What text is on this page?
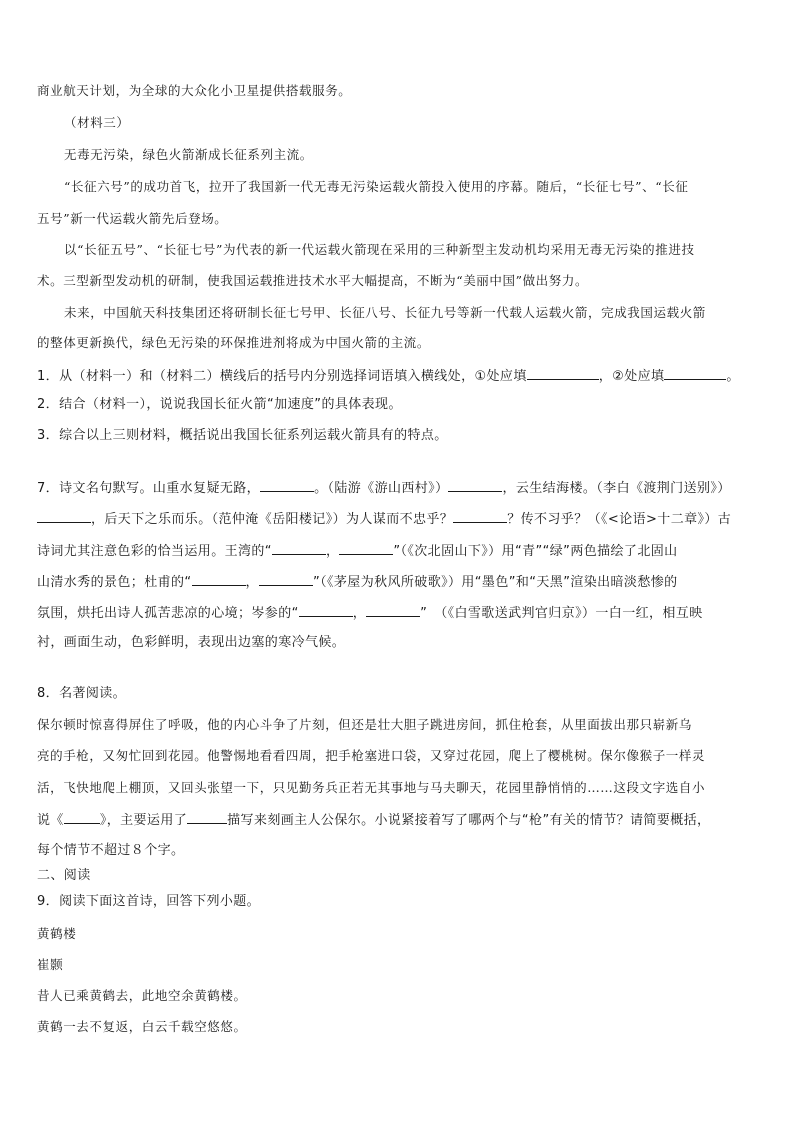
商业航天计划，为全球的大众化小卫星提供搭载服务。
（材料三）
无毒无污染，绿色火箭渐成长征系列主流。
“长征六号”的成功首飞，拉开了我国新一代无毒无污染运载火箭投入使用的序幕。随后，“长征七号”、“长征
五号”新一代运载火箭先后登场。
以“长征五号”、“长征七号”为代表的新一代运载火箭现在采用的三种新型主发动机均采用无毒无污染的推进技
术。三型新型发动机的研制，使我国运载推进技术水平大幅提高，不断为“美丽中国”做出努力。
未来，中国航天科技集团还将研制长征七号甲、长征八号、长征九号等新一代载人运载火箭，完成我国运载火箭
的整体更新换代，绿色无污染的环保推进剂将成为中国火箭的主流。
1．从（材料一）和（材料二）横线后的括号内分别选择词语填入横线处，①处应填	，②处应填	。
2．结合（材料一），说说我国长征火箭“加速度”的具体表现。
3．综合以上三则材料，概括说出我国长征系列运载火箭具有的特点。
7．诗文名句默写。山重水复疑无路，	。（陆游《游山西村》）	，云生结海楼。（李白《渡荆门送别》）
，后天下之乐而乐。（范仲淹《岳阳楼记》）为人谋而不忠乎？	？传不习乎？（《<论语>十二章》）古
诗词尤其注意色彩的恰当运用。王湾的“	，	”（《次北固山下》）用“青”“绿”两色描绘了北固山
山清水秀的景色；杜甫的“	，	”（《茅屋为秋风所破歌》）用“墨色”和“天黑”渲染出暗淡愁惨的
氛围，烘托出诗人孤苦悲凉的心境；岑参的“	，	”　（《白雪歌送武判官归京》）一白一红，相互映
衬，画面生动，色彩鲜明，表现出边塞的寒冷气候。
8．名著阅读。
保尔顿时惊喜得屏住了呼吸，他的内心斗争了片刻，但还是壮大胆子跳进房间，抓住枪套，从里面拔出那只崭新乌
亮的手枪，又匆忙回到花园。他警惕地看看四周，把手枪塞进口袋，又穿过花园，爬上了樱桃树。保尔像猴子一样灵
活，飞快地爬上棚顶，又回头张望一下，只见勤务兵正若无其事地与马夫聊天，花园里静悄悄的……这段文字选自小
说《	》，主要运用了	描写来刻画主人公保尔。小说紧接着写了哪两个与“枪”有关的情节？请简要概括，
每个情节不超过８个字。
二、阅读
9．阅读下面这首诗，回答下列小题。
黄鹤楼
崔颢
昔人已乘黄鹤去，此地空余黄鹤楼。
黄鹤一去不复返，白云千载空悠悠。
